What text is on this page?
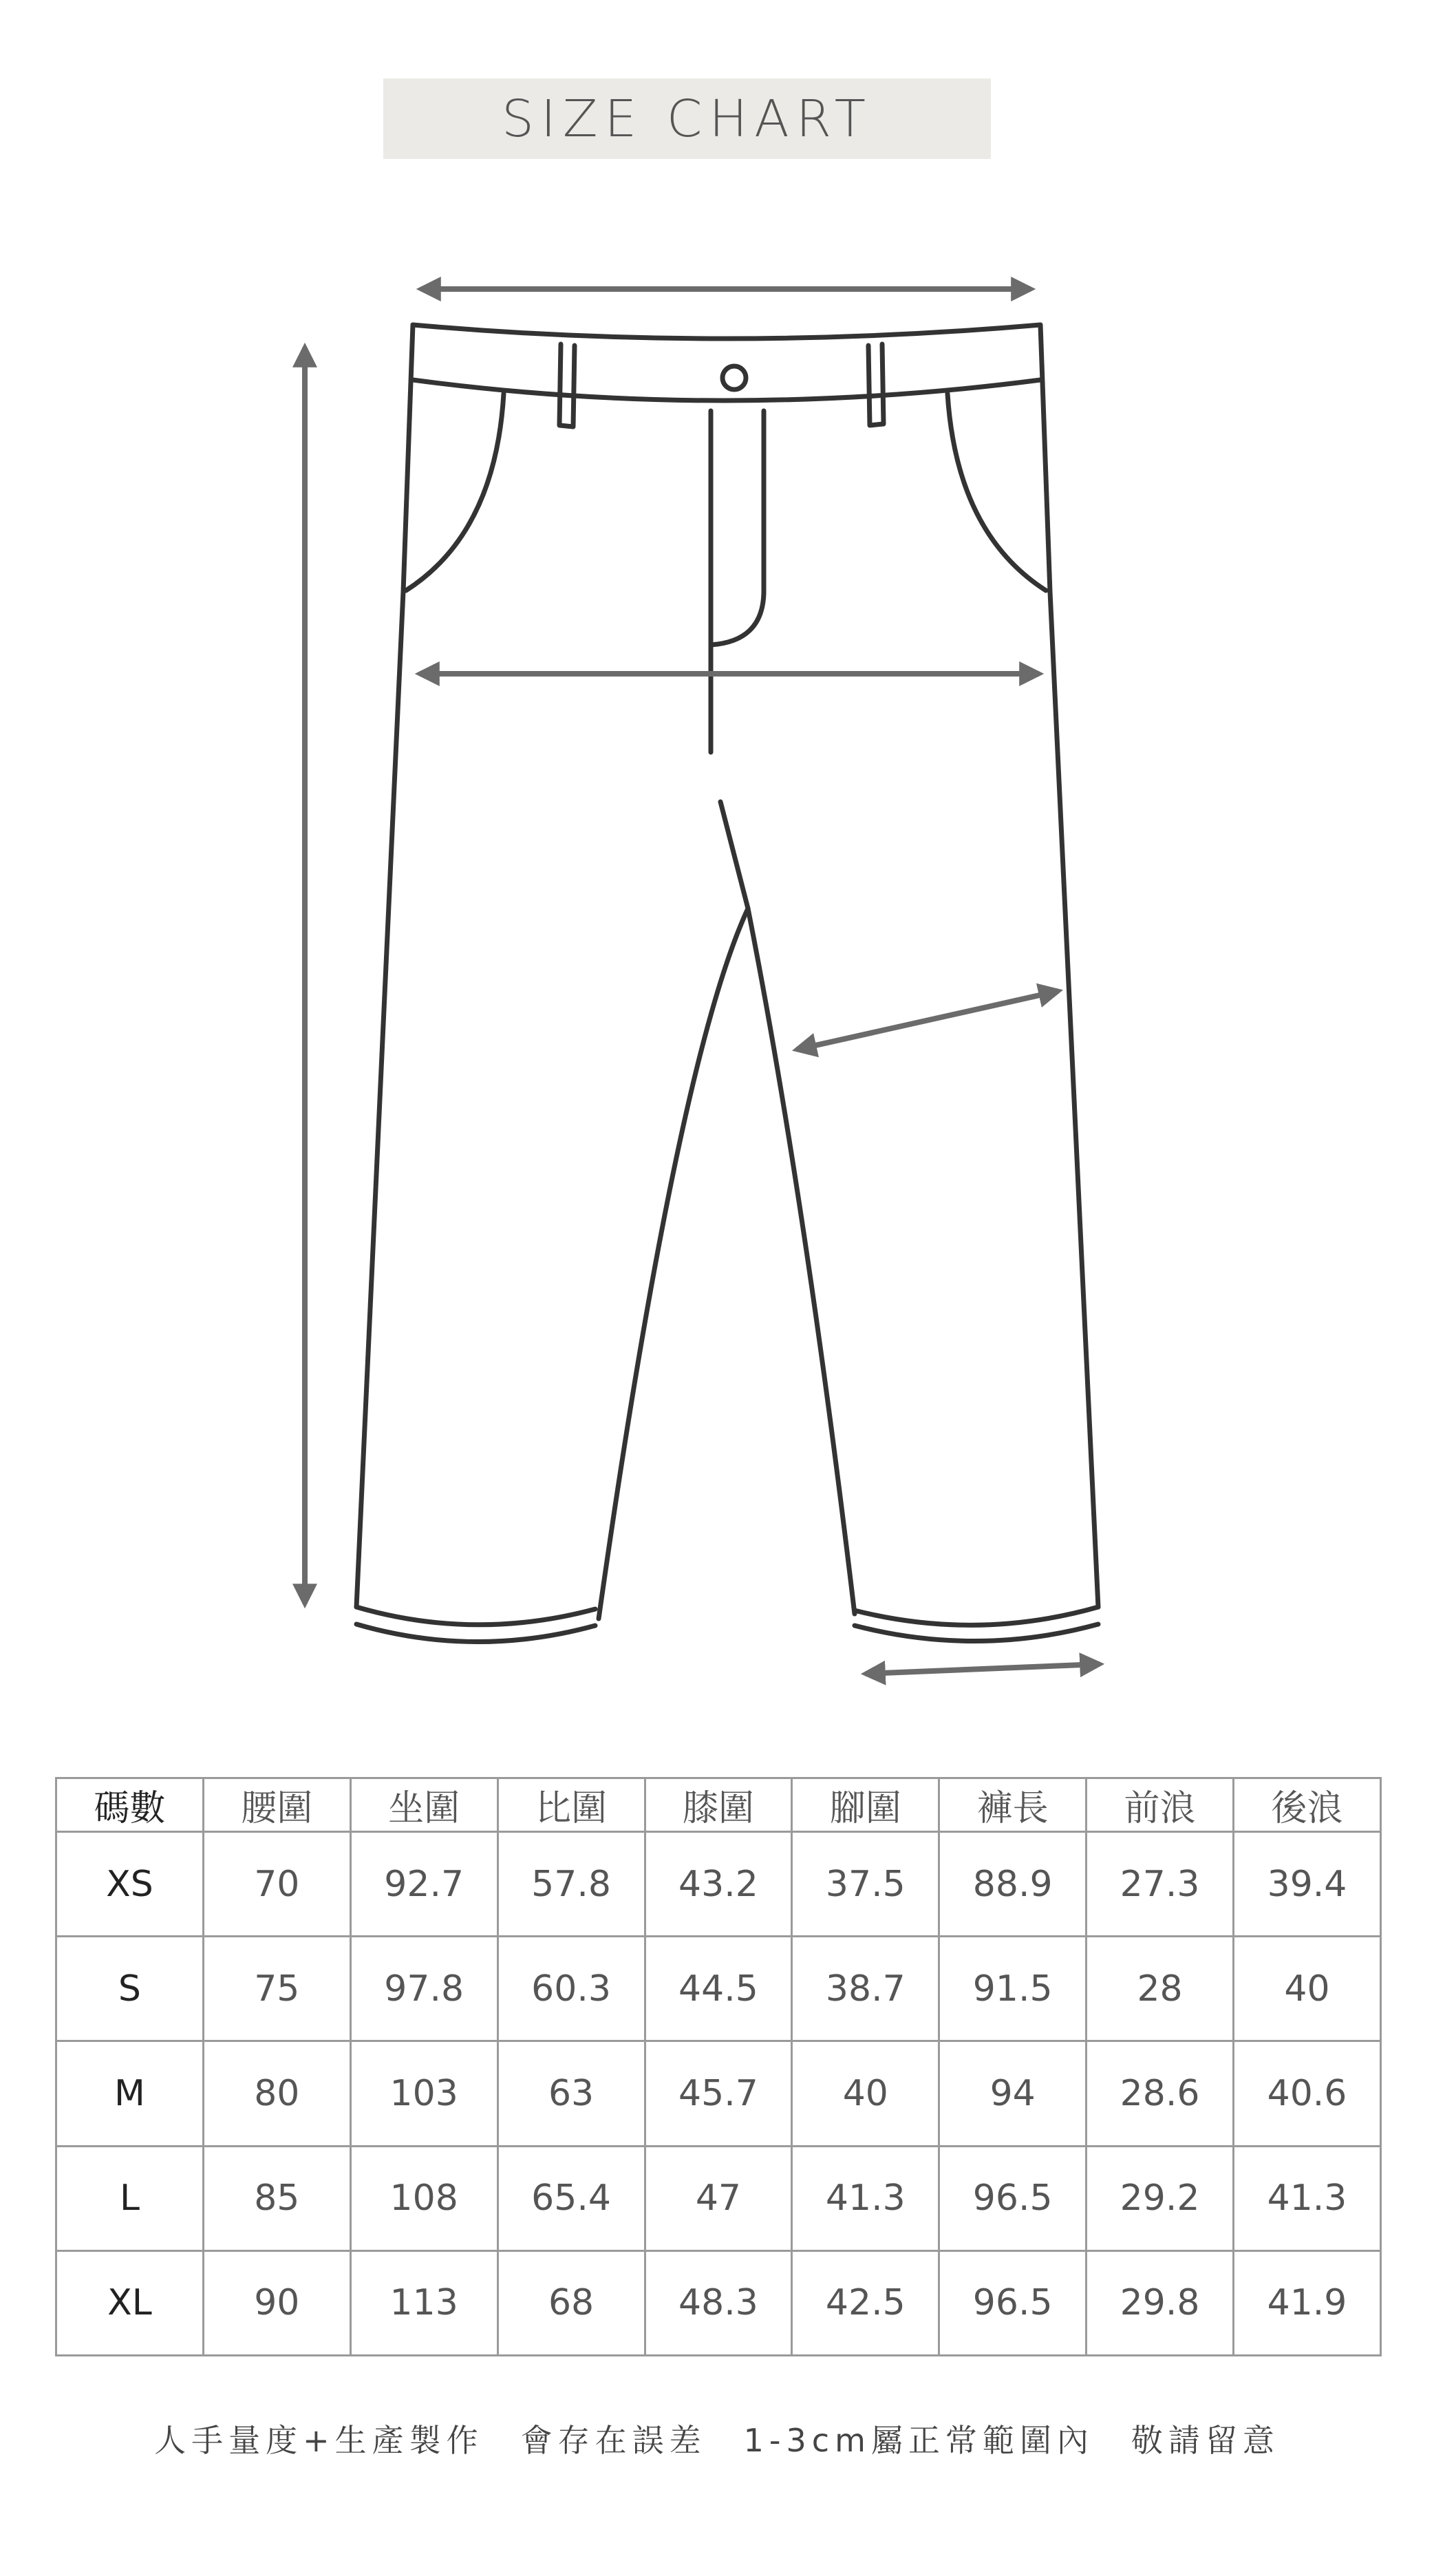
SIZE CHART
碼數	腰圍	坐圍	比圍	膝圍	腳圍	褲長	前浪	後浪
XS	70	92.7	57.8	43.2	37.5	88.9	27.3	39.4
S	75	97.8	60.3	44.5	38.7	91.5	28	40
M	80	103	63	45.7	40	94	28.6	40.6
L	85	108	65.4	47	41.3	96.5	29.2	41.3
XL	90	113	68	48.3	42.5	96.5	29.8	41.9
人手量度+生產製作　會存在誤差　1-3cm屬正常範圍內　敬請留意
